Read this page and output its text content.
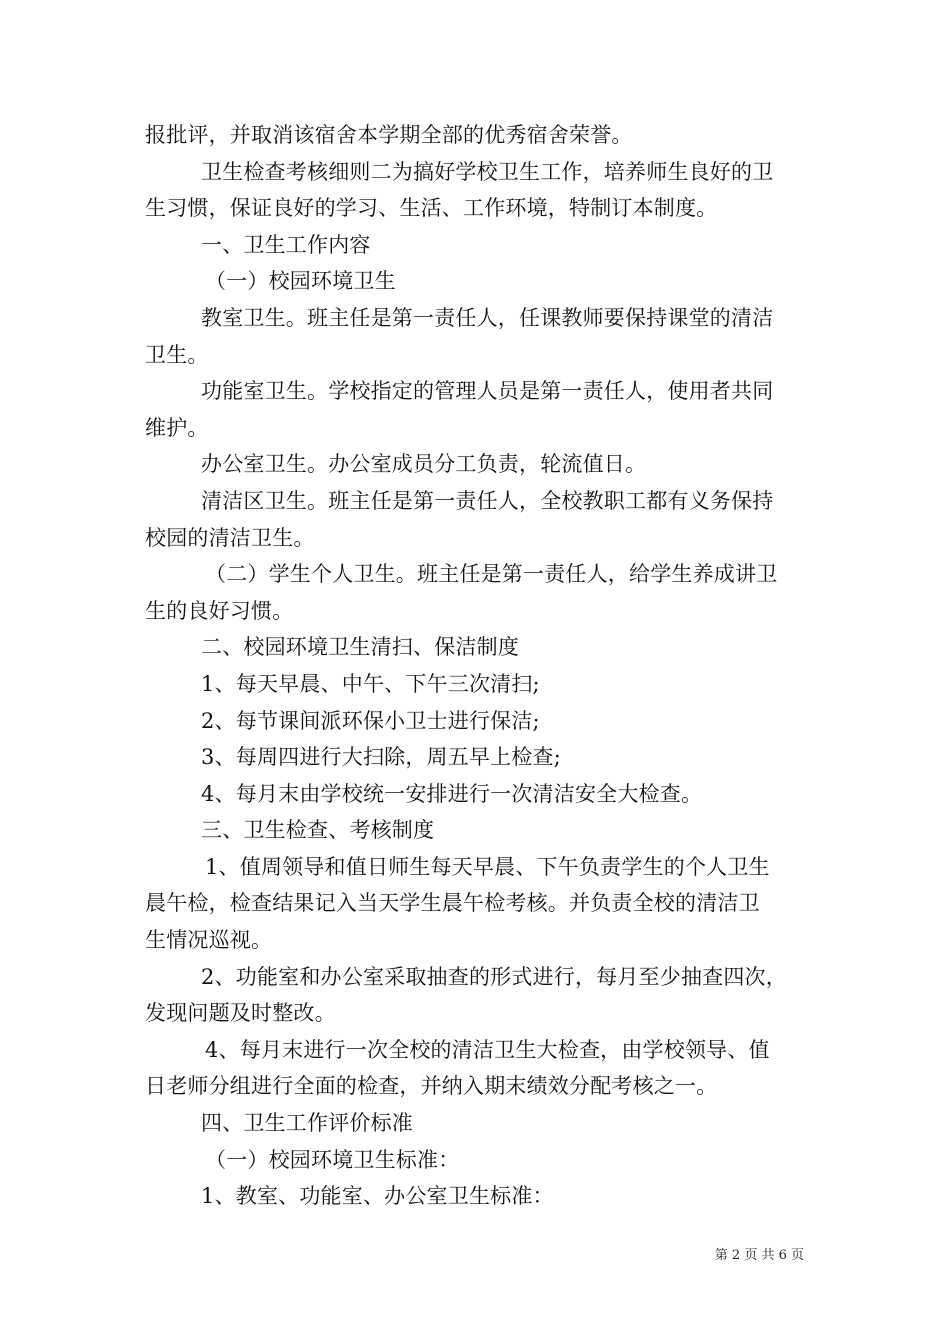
报批评，并取消该宿舍本学期全部的优秀宿舍荣誉。
卫生检查考核细则二为搞好学校卫生工作，培养师生良好的卫
生习惯，保证良好的学习、生活、工作环境，特制订本制度。
一、卫生工作内容
（一）校园环境卫生
教室卫生。班主任是第一责任人，任课教师要保持课堂的清洁
卫生。
功能室卫生。学校指定的管理人员是第一责任人，使用者共同
维护。
办公室卫生。办公室成员分工负责，轮流值日。
清洁区卫生。班主任是第一责任人，全校教职工都有义务保持
校园的清洁卫生。
（二）学生个人卫生。班主任是第一责任人，给学生养成讲卫
生的良好习惯。
二、校园环境卫生清扫、保洁制度
1、每天早晨、中午、下午三次清扫;
2、每节课间派环保小卫士进行保洁;
3、每周四进行大扫除，周五早上检查;
4、每月末由学校统一安排进行一次清洁安全大检查。
三、卫生检查、考核制度
1、值周领导和值日师生每天早晨、下午负责学生的个人卫生
晨午检，检查结果记入当天学生晨午检考核。并负责全校的清洁卫
生情况巡视。
2、功能室和办公室采取抽查的形式进行，每月至少抽查四次，
发现问题及时整改。
4、每月末进行一次全校的清洁卫生大检查，由学校领导、值
日老师分组进行全面的检查，并纳入期末绩效分配考核之一。
四、卫生工作评价标准
（一）校园环境卫生标准：
1、教室、功能室、办公室卫生标准：
第 2 页 共 6 页
